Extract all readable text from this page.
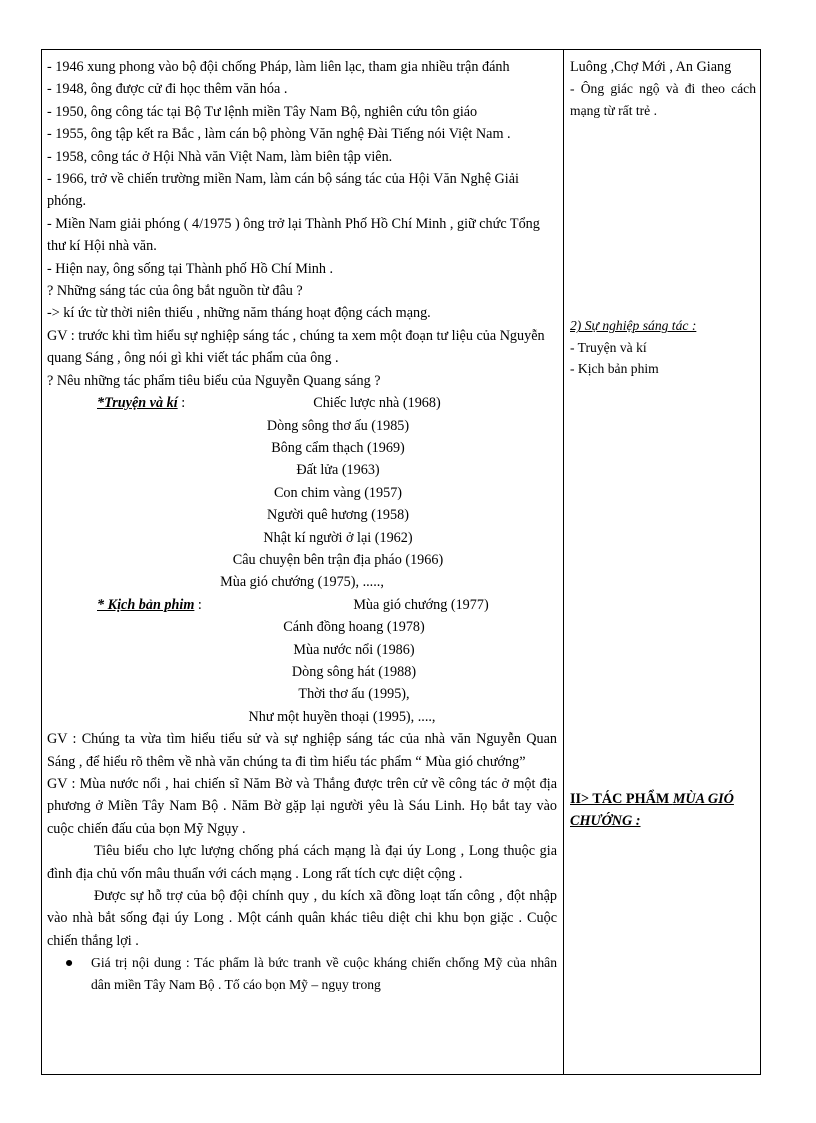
- 1946 xung phong vào bộ đội chống Pháp, làm liên lạc, tham gia nhiều trận đánh

- 1948, ông được cử đi học thêm văn hóa .

- 1950, ông công tác tại Bộ Tư lệnh miền Tây Nam Bộ, nghiên cứu tôn giáo

- 1955, ông tập kết ra Bắc , làm cán bộ phòng Văn nghệ Đài Tiếng nói Việt Nam .

- 1958, công tác ở Hội Nhà văn Việt Nam, làm biên tập viên.

- 1966, trở về chiến trường miền Nam, làm cán bộ sáng tác của Hội Văn Nghệ Giải phóng.

- Miền Nam giải phóng ( 4/1975 ) ông trở lại Thành Phố Hồ Chí Minh , giữ chức Tổng thư kí Hội nhà văn.

- Hiện nay, ông sống tại Thành phố Hồ Chí Minh .

? Những sáng tác của ông bắt nguồn từ đâu ?

-> kí ức từ thời niên thiếu , những năm tháng hoạt động cách mạng.

GV : trước khi tìm hiểu sự nghiệp sáng tác , chúng ta xem một đoạn tư liệu của Nguyễn quang Sáng , ông nói gì khi viết tác phẩm của ông .

? Nêu những tác phẩm tiêu biểu của Nguyễn Quang sáng ?

*Truyện và kí :	Chiếc lược nhà (1968)

Dòng sông thơ ấu (1985)

Bông cẩm thạch (1969)

Đất lửa (1963)

Con chim vàng (1957)

Người quê hương (1958)

Nhật kí người ở lại (1962)

Câu chuyện bên trận địa pháo (1966)

Mùa gió chướng (1975), .....,

* Kịch bản phim :	Mùa gió chướng (1977)

Cánh đồng hoang (1978)

Mùa nước nổi (1986)

Dòng sông hát (1988)

Thời thơ ấu (1995),

Như một huyền thoại (1995), ....,

GV : Chúng ta vừa tìm hiểu tiểu sử và sự nghiệp sáng tác của nhà văn Nguyễn Quan Sáng , để hiểu rõ thêm về nhà văn chúng ta đi tìm hiểu tác phẩm “ Mùa gió chướng”

GV : Mùa nước nổi , hai chiến sĩ Năm Bờ và Thắng được trên cử về công tác ở một địa phương ở Miền Tây Nam Bộ . Năm Bờ gặp lại người yêu là Sáu Linh. Họ bắt tay vào cuộc chiến đấu của bọn Mỹ Ngụy .

Tiêu biểu cho lực lượng chống phá cách mạng là đại úy Long , Long thuộc gia đình địa chủ vốn mâu thuẩn với cách mạng . Long rất tích cực diệt cộng .

Được sự hỗ trợ của bộ đội chính quy , du kích xã đồng loạt tấn công , đột nhập vào nhà bắt sống đại úy Long . Một cánh quân khác tiêu diệt chi khu bọn giặc . Cuộc chiến thắng lợi .

●	Giá trị nội dung : Tác phẩm là bức tranh về cuộc kháng chiến chống Mỹ của nhân dân miền Tây Nam Bộ . Tố cáo bọn Mỹ – ngụy trong

Luông ,Chợ Mới , An Giang

- Ông giác ngộ và đi theo cách mạng từ rất trẻ .

2) Sự nghiệp sáng tác :

- Truyện và kí

- Kịch bản phim

II> TÁC PHẨM MÙA GIÓ CHƯỚNG :
